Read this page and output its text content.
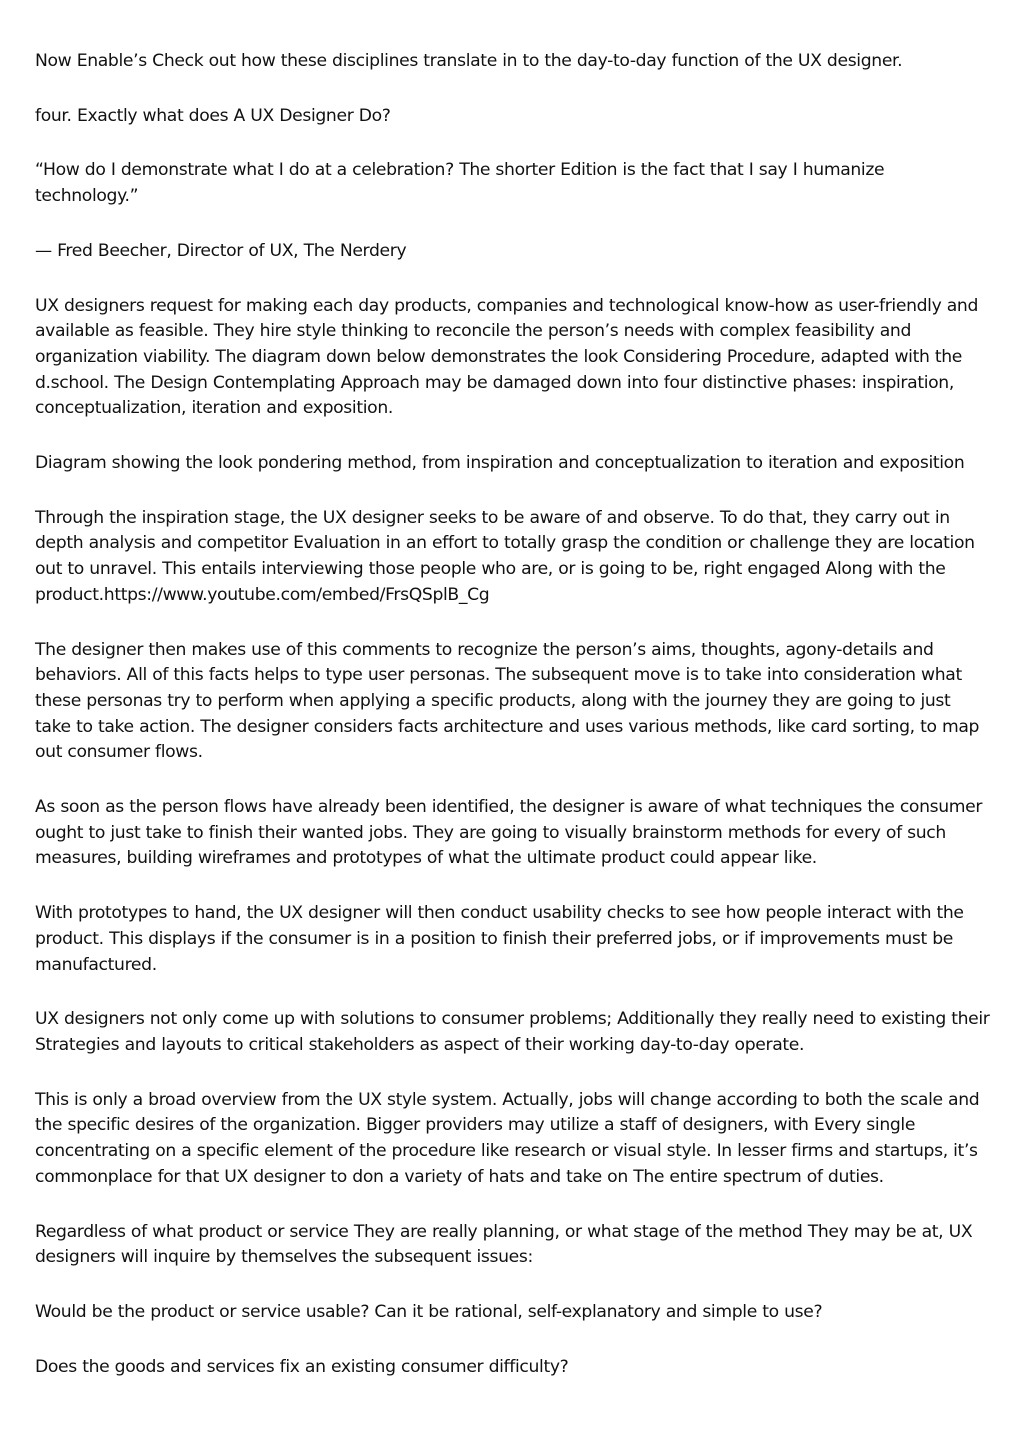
Now Enable’s Check out how these disciplines translate in to the day-to-day function of the UX designer.

four. Exactly what does A UX Designer Do?

“How do I demonstrate what I do at a celebration? The shorter Edition is the fact that I say I humanize technology.”

— Fred Beecher, Director of UX, The Nerdery

UX designers request for making each day products, companies and technological know-how as user-friendly and available as feasible. They hire style thinking to reconcile the person’s needs with complex feasibility and organization viability. The diagram down below demonstrates the look Considering Procedure, adapted with the d.school. The Design Contemplating Approach may be damaged down into four distinctive phases: inspiration, conceptualization, iteration and exposition.

Diagram showing the look pondering method, from inspiration and conceptualization to iteration and exposition

Through the inspiration stage, the UX designer seeks to be aware of and observe. To do that, they carry out in depth analysis and competitor Evaluation in an effort to totally grasp the condition or challenge they are location out to unravel. This entails interviewing those people who are, or is going to be, right engaged Along with the product.https://www.youtube.com/embed/FrsQSplB_Cg

The designer then makes use of this comments to recognize the person’s aims, thoughts, agony-details and behaviors. All of this facts helps to type user personas. The subsequent move is to take into consideration what these personas try to perform when applying a specific products, along with the journey they are going to just take to take action. The designer considers facts architecture and uses various methods, like card sorting, to map out consumer flows.

As soon as the person flows have already been identified, the designer is aware of what techniques the consumer ought to just take to finish their wanted jobs. They are going to visually brainstorm methods for every of such measures, building wireframes and prototypes of what the ultimate product could appear like.

With prototypes to hand, the UX designer will then conduct usability checks to see how people interact with the product. This displays if the consumer is in a position to finish their preferred jobs, or if improvements must be manufactured.

UX designers not only come up with solutions to consumer problems; Additionally they really need to existing their Strategies and layouts to critical stakeholders as aspect of their working day-to-day operate.

This is only a broad overview from the UX style system. Actually, jobs will change according to both the scale and the specific desires of the organization. Bigger providers may utilize a staff of designers, with Every single concentrating on a specific element of the procedure like research or visual style. In lesser firms and startups, it’s commonplace for that UX designer to don a variety of hats and take on The entire spectrum of duties.

Regardless of what product or service They are really planning, or what stage of the method They may be at, UX designers will inquire by themselves the subsequent issues:

Would be the product or service usable? Can it be rational, self-explanatory and simple to use?

Does the goods and services fix an existing consumer difficulty?
